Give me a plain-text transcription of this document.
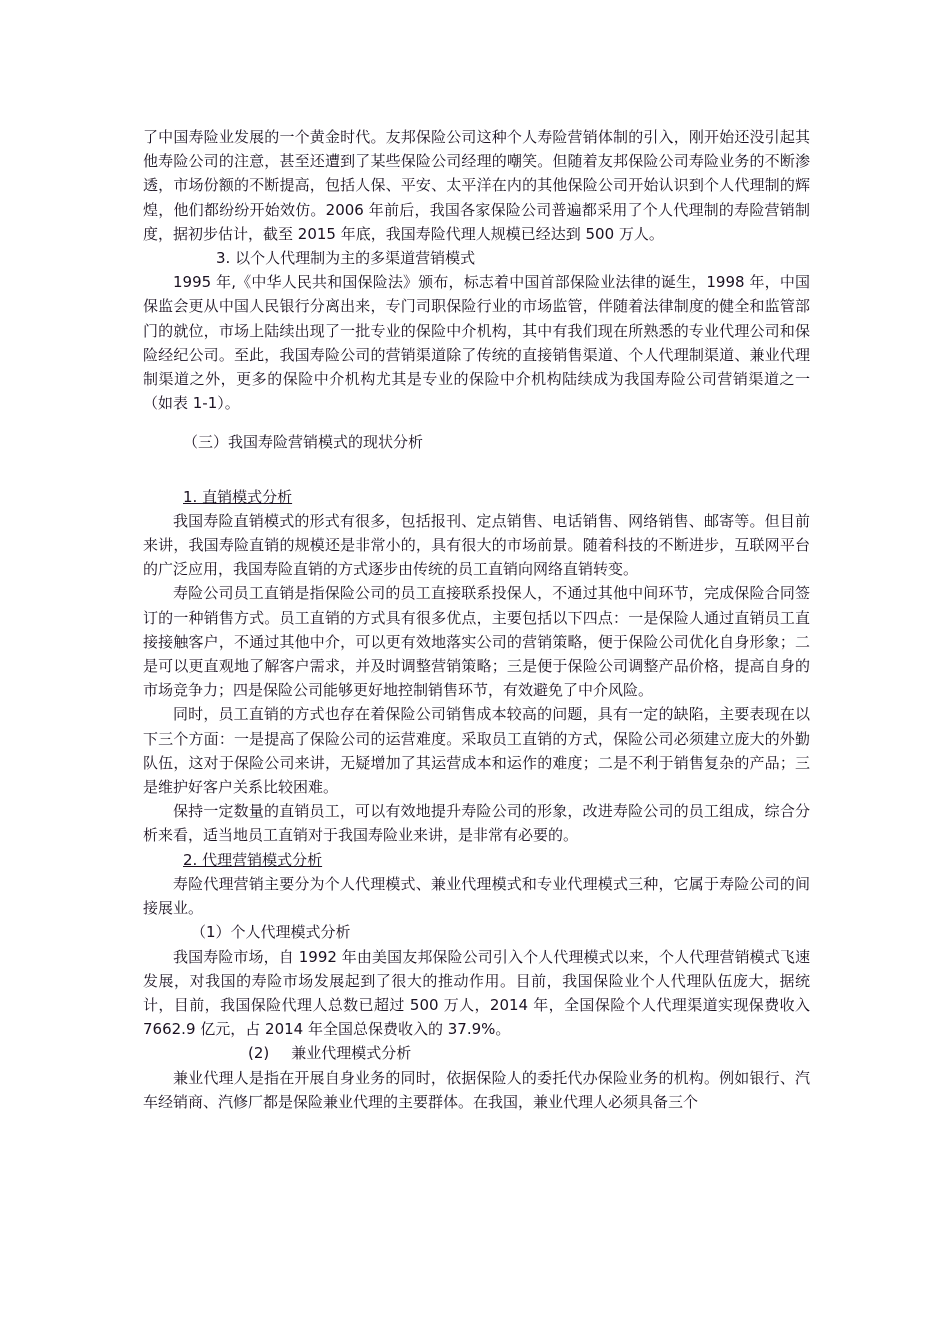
了中国寿险业发展的一个黄金时代。友邦保险公司这种个人寿险营销体制的引入，刚开始还没引起其他寿险公司的注意，甚至还遭到了某些保险公司经理的嘲笑。但随着友邦保险公司寿险业务的不断渗透，市场份额的不断提高，包括人保、平安、太平洋在内的其他保险公司开始认识到个人代理制的辉煌，他们都纷纷开始效仿。2006 年前后，我国各家保险公司普遍都采用了个人代理制的寿险营销制度，据初步估计，截至 2015 年底，我国寿险代理人规模已经达到 500 万人。

3. 以个人代理制为主的多渠道营销模式

1995 年,《中华人民共和国保险法》颁布，标志着中国首部保险业法律的诞生，1998 年，中国保监会更从中国人民银行分离出来，专门司职保险行业的市场监管，伴随着法律制度的健全和监管部门的就位，市场上陆续出现了一批专业的保险中介机构，其中有我们现在所熟悉的专业代理公司和保险经纪公司。至此，我国寿险公司的营销渠道除了传统的直接销售渠道、个人代理制渠道、兼业代理制渠道之外，更多的保险中介机构尤其是专业的保险中介机构陆续成为我国寿险公司营销渠道之一（如表 1-1）。

（三）我国寿险营销模式的现状分析

1. 直销模式分析

我国寿险直销模式的形式有很多，包括报刊、定点销售、电话销售、网络销售、邮寄等。但目前来讲，我国寿险直销的规模还是非常小的，具有很大的市场前景。随着科技的不断进步，互联网平台的广泛应用，我国寿险直销的方式逐步由传统的员工直销向网络直销转变。

寿险公司员工直销是指保险公司的员工直接联系投保人，不通过其他中间环节，完成保险合同签订的一种销售方式。员工直销的方式具有很多优点，主要包括以下四点：一是保险人通过直销员工直接接触客户，不通过其他中介，可以更有效地落实公司的营销策略，便于保险公司优化自身形象；二是可以更直观地了解客户需求，并及时调整营销策略；三是便于保险公司调整产品价格，提高自身的市场竞争力；四是保险公司能够更好地控制销售环节，有效避免了中介风险。

同时，员工直销的方式也存在着保险公司销售成本较高的问题，具有一定的缺陷，主要表现在以下三个方面：一是提高了保险公司的运营难度。采取员工直销的方式，保险公司必须建立庞大的外勤队伍，这对于保险公司来讲，无疑增加了其运营成本和运作的难度；二是不利于销售复杂的产品；三是维护好客户关系比较困难。

保持一定数量的直销员工，可以有效地提升寿险公司的形象，改进寿险公司的员工组成，综合分析来看，适当地员工直销对于我国寿险业来讲，是非常有必要的。

2. 代理营销模式分析

寿险代理营销主要分为个人代理模式、兼业代理模式和专业代理模式三种，它属于寿险公司的间接展业。

（1）个人代理模式分析

我国寿险市场，自 1992 年由美国友邦保险公司引入个人代理模式以来，个人代理营销模式飞速发展，对我国的寿险市场发展起到了很大的推动作用。目前，我国保险业个人代理队伍庞大，据统计，目前，我国保险代理人总数已超过 500 万人，2014 年，全国保险个人代理渠道实现保费收入 7662.9 亿元，占 2014 年全国总保费收入的 37.9%。

(2) 兼业代理模式分析

兼业代理人是指在开展自身业务的同时，依据保险人的委托代办保险业务的机构。例如银行、汽车经销商、汽修厂都是保险兼业代理的主要群体。在我国，兼业代理人必须具备三个
